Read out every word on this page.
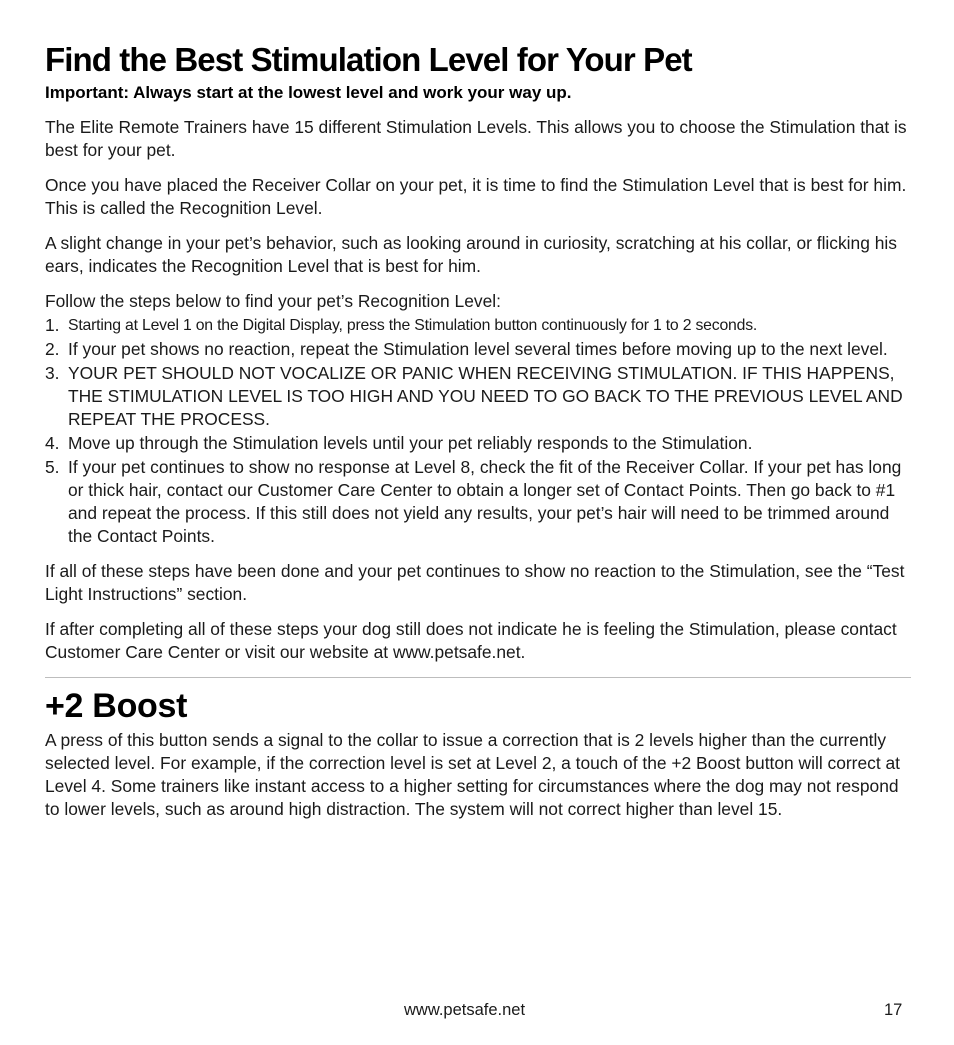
Find the Best Stimulation Level for Your Pet
Important: Always start at the lowest level and work your way up.

The Elite Remote Trainers have 15 different Stimulation Levels. This allows you to choose the Stimulation that is best for your pet.

Once you have placed the Receiver Collar on your pet, it is time to find the Stimulation Level that is best for him. This is called the Recognition Level.

A slight change in your pet’s behavior, such as looking around in curiosity, scratching at his collar, or flicking his ears, indicates the Recognition Level that is best for him.

Follow the steps below to find your pet’s Recognition Level:

1. Starting at Level 1 on the Digital Display, press the Stimulation button continuously for 1 to 2 seconds.
2. If your pet shows no reaction, repeat the Stimulation level several times before moving up to the next level.
3. YOUR PET SHOULD NOT VOCALIZE OR PANIC WHEN RECEIVING STIMULATION. IF THIS HAPPENS, THE STIMULATION LEVEL IS TOO HIGH AND YOU NEED TO GO BACK TO THE PREVIOUS LEVEL AND REPEAT THE PROCESS.
4. Move up through the Stimulation levels until your pet reliably responds to the Stimulation.
5. If your pet continues to show no response at Level 8, check the fit of the Receiver Collar. If your pet has long or thick hair, contact our Customer Care Center to obtain a longer set of Contact Points. Then go back to #1 and repeat the process. If this still does not yield any results, your pet’s hair will need to be trimmed around the Contact Points.

If all of these steps have been done and your pet continues to show no reaction to the Stimulation, see the “Test Light Instructions” section.

If after completing all of these steps your dog still does not indicate he is feeling the Stimulation, please contact Customer Care Center or visit our website at www.petsafe.net.

+2 Boost

A press of this button sends a signal to the collar to issue a correction that is 2 levels higher than the currently selected level. For example, if the correction level is set at Level 2, a touch of the +2 Boost button will correct at Level 4. Some trainers like instant access to a higher setting for circumstances where the dog may not respond to lower levels, such as around high distraction. The system will not correct higher than level 15.

www.petsafe.net	17
